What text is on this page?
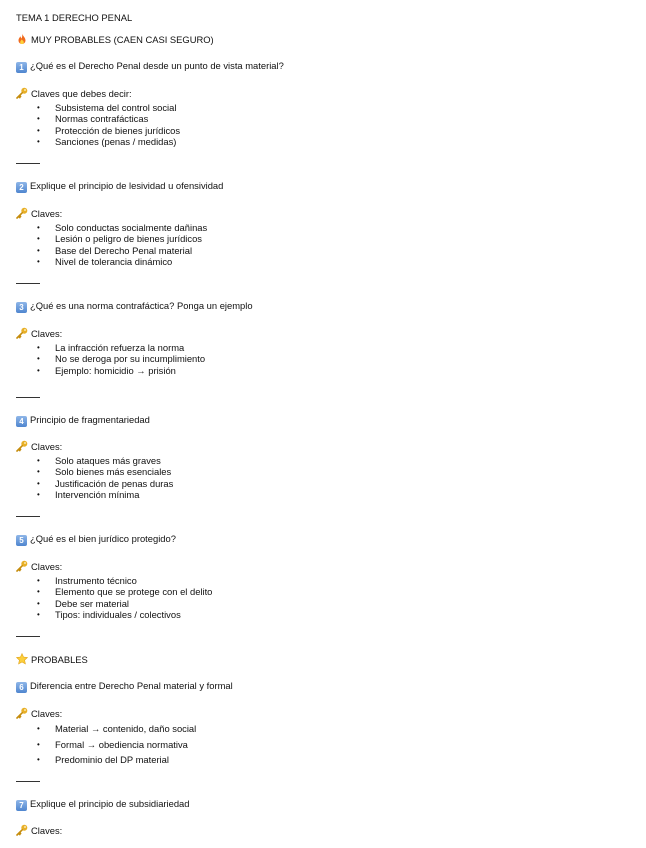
TEMA 1 DERECHO PENAL
MUY PROBABLES (CAEN CASI SEGURO)
1 ¿Qué es el Derecho Penal desde un punto de vista material?
Claves que debes decir:
• Subsistema del control social
• Normas contrafácticas
• Protección de bienes jurídicos
• Sanciones (penas / medidas)
2 Explique el principio de lesividad u ofensividad
Claves:
• Solo conductas socialmente dañinas
• Lesión o peligro de bienes jurídicos
• Base del Derecho Penal material
• Nivel de tolerancia dinámico
3 ¿Qué es una norma contrafáctica? Ponga un ejemplo
Claves:
• La infracción refuerza la norma
• No se deroga por su incumplimiento
• Ejemplo: homicidio → prisión
4 Principio de fragmentariedad
Claves:
• Solo ataques más graves
• Solo bienes más esenciales
• Justificación de penas duras
• Intervención mínima
5 ¿Qué es el bien jurídico protegido?
Claves:
• Instrumento técnico
• Elemento que se protege con el delito
• Debe ser material
• Tipos: individuales / colectivos
PROBABLES
6 Diferencia entre Derecho Penal material y formal
Claves:
• Material → contenido, daño social
• Formal → obediencia normativa
• Predominio del DP material
7 Explique el principio de subsidiariedad
Claves:
